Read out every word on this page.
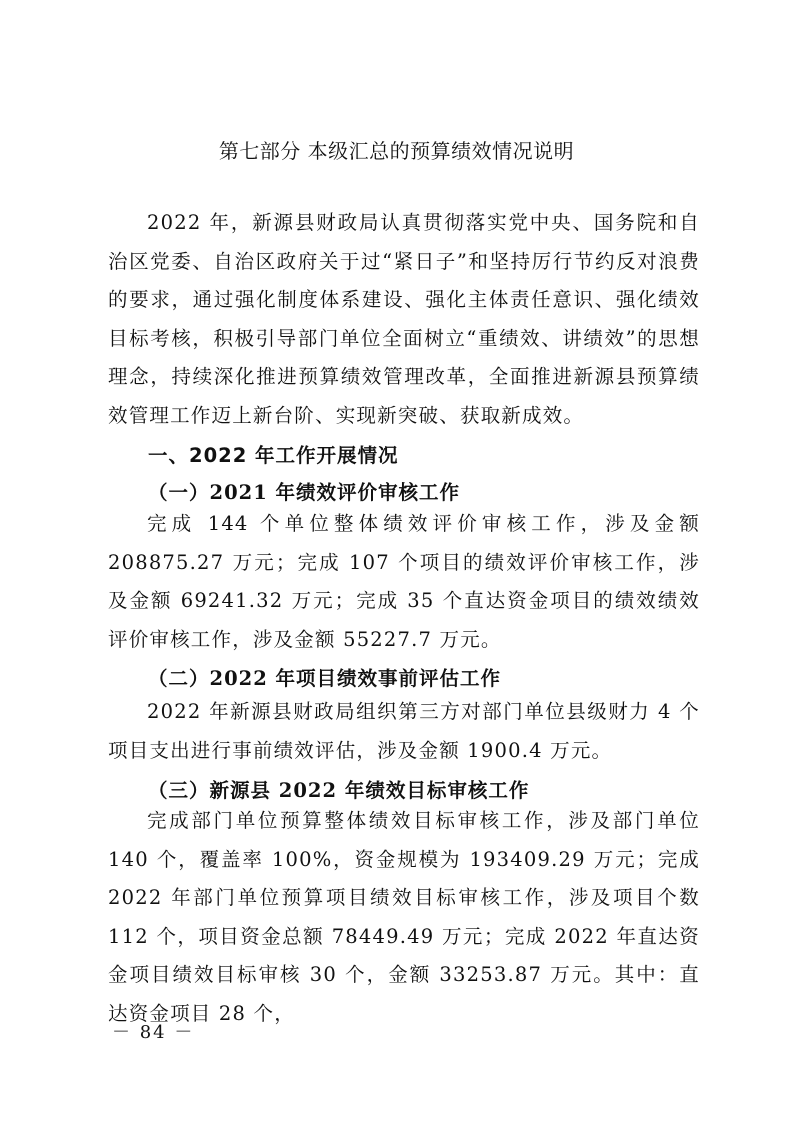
第七部分 本级汇总的预算绩效情况说明
2022 年，新源县财政局认真贯彻落实党中央、国务院和自治区党委、自治区政府关于过“紧日子”和坚持厉行节约反对浪费的要求，通过强化制度体系建设、强化主体责任意识、强化绩效目标考核，积极引导部门单位全面树立“重绩效、讲绩效”的思想理念，持续深化推进预算绩效管理改革，全面推进新源县预算绩效管理工作迈上新台阶、实现新突破、获取新成效。
一、2022 年工作开展情况
（一）2021 年绩效评价审核工作
完成 144 个单位整体绩效评价审核工作，涉及金额 208875.27 万元；完成 107 个项目的绩效评价审核工作，涉及金额 69241.32 万元；完成 35 个直达资金项目的绩效绩效评价审核工作，涉及金额 55227.7 万元。
（二）2022 年项目绩效事前评估工作
2022 年新源县财政局组织第三方对部门单位县级财力 4 个项目支出进行事前绩效评估，涉及金额 1900.4 万元。
（三）新源县 2022 年绩效目标审核工作
完成部门单位预算整体绩效目标审核工作，涉及部门单位 140 个，覆盖率 100%，资金规模为 193409.29 万元；完成 2022 年部门单位预算项目绩效目标审核工作，涉及项目个数 112 个，项目资金总额 78449.49 万元；完成 2022 年直达资金项目绩效目标审核 30 个，金额 33253.87 万元。其中：直达资金项目 28 个，
－ 84 －
